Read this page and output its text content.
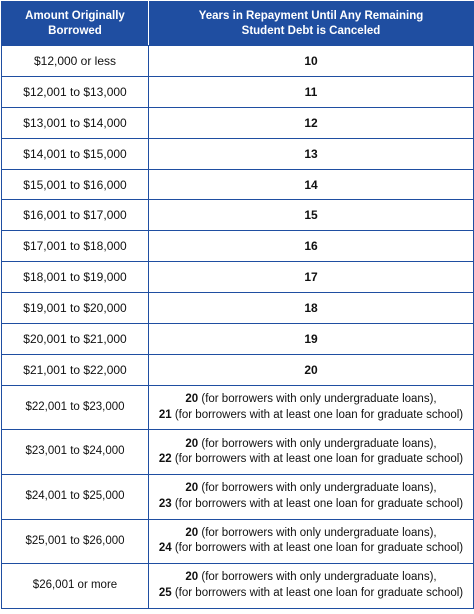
Amount Originally
Borrowed	Years in Repayment Until Any Remaining
Student Debt is Canceled

$12,000 or less	10
$12,001 to $13,000	11
$13,001 to $14,000	12
$14,001 to $15,000	13
$15,001 to $16,000	14
$16,001 to $17,000	15
$17,001 to $18,000	16
$18,001 to $19,000	17
$19,001 to $20,000	18
$20,001 to $21,000	19
$21,001 to $22,000	20
$22,001 to $23,000	20 (for borrowers with only undergraduate loans),
21 (for borrowers with at least one loan for graduate school)

$23,001 to $24,000	20 (for borrowers with only undergraduate loans),
22 (for borrowers with at least one loan for graduate school)

$24,001 to $25,000	20 (for borrowers with only undergraduate loans),
23 (for borrowers with at least one loan for graduate school)

$25,001 to $26,000	20 (for borrowers with only undergraduate loans),
24 (for borrowers with at least one loan for graduate school)

$26,001 or more	20 (for borrowers with only undergraduate loans),
25 (for borrowers with at least one loan for graduate school)
